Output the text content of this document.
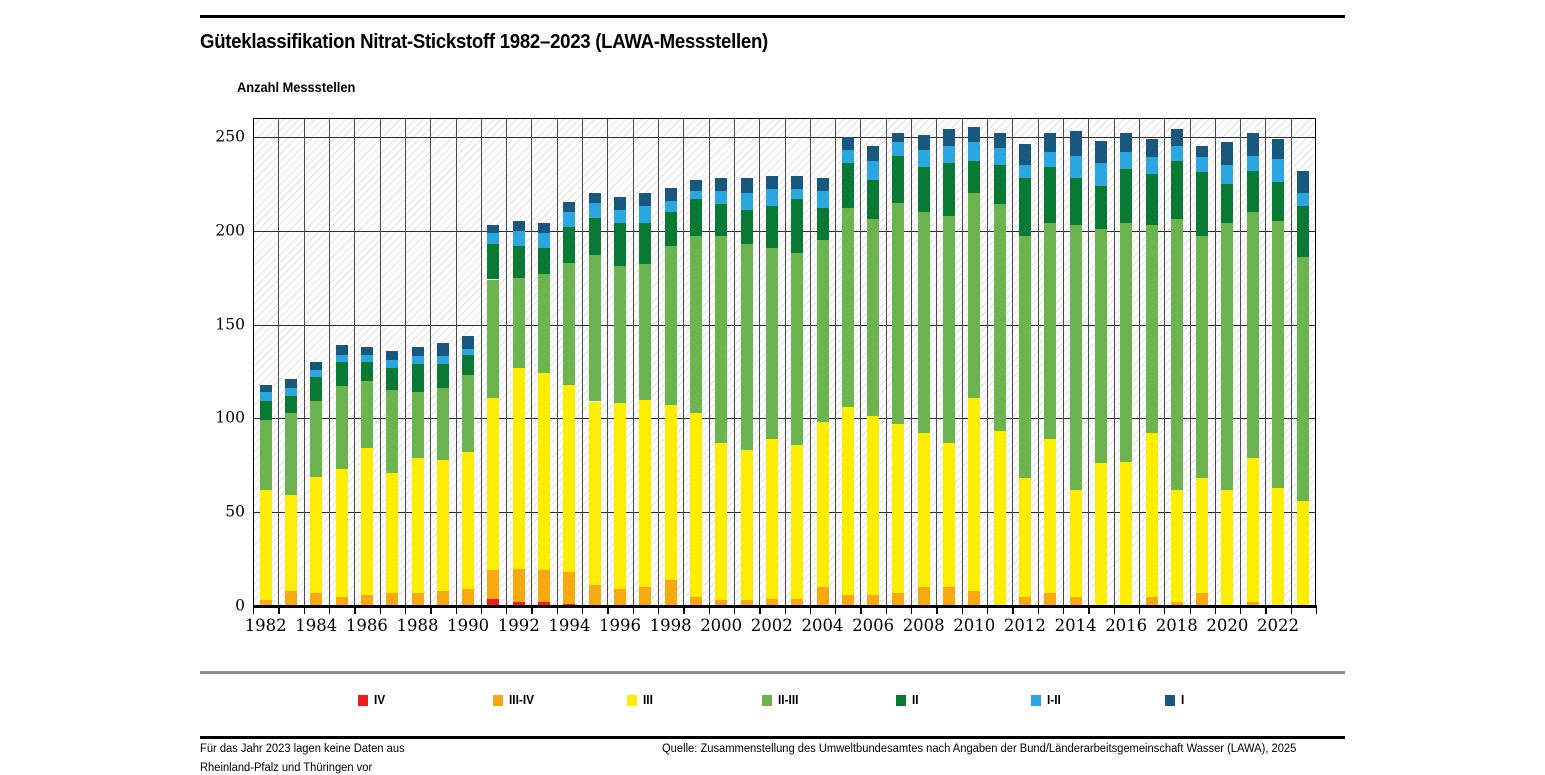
Güteklassifikation Nitrat-Stickstoff 1982–2023 (LAWA-Messstellen)
Anzahl Messstellen
0
50
100
150
200
250
1982 1984 1986 1988 1990 1992 1994 1996 1998 2000 2002 2004 2006 2008 2010 2012 2014 2016 2018 2020 2022
IV	III-IV	III	II-III	II	I-II	I
Für das Jahr 2023 lagen keine Daten aus
Rheinland-Pfalz und Thüringen vor
Quelle: Zusammenstellung des Umweltbundesamtes nach Angaben der Bund/Länderarbeitsgemeinschaft Wasser (LAWA), 2025
